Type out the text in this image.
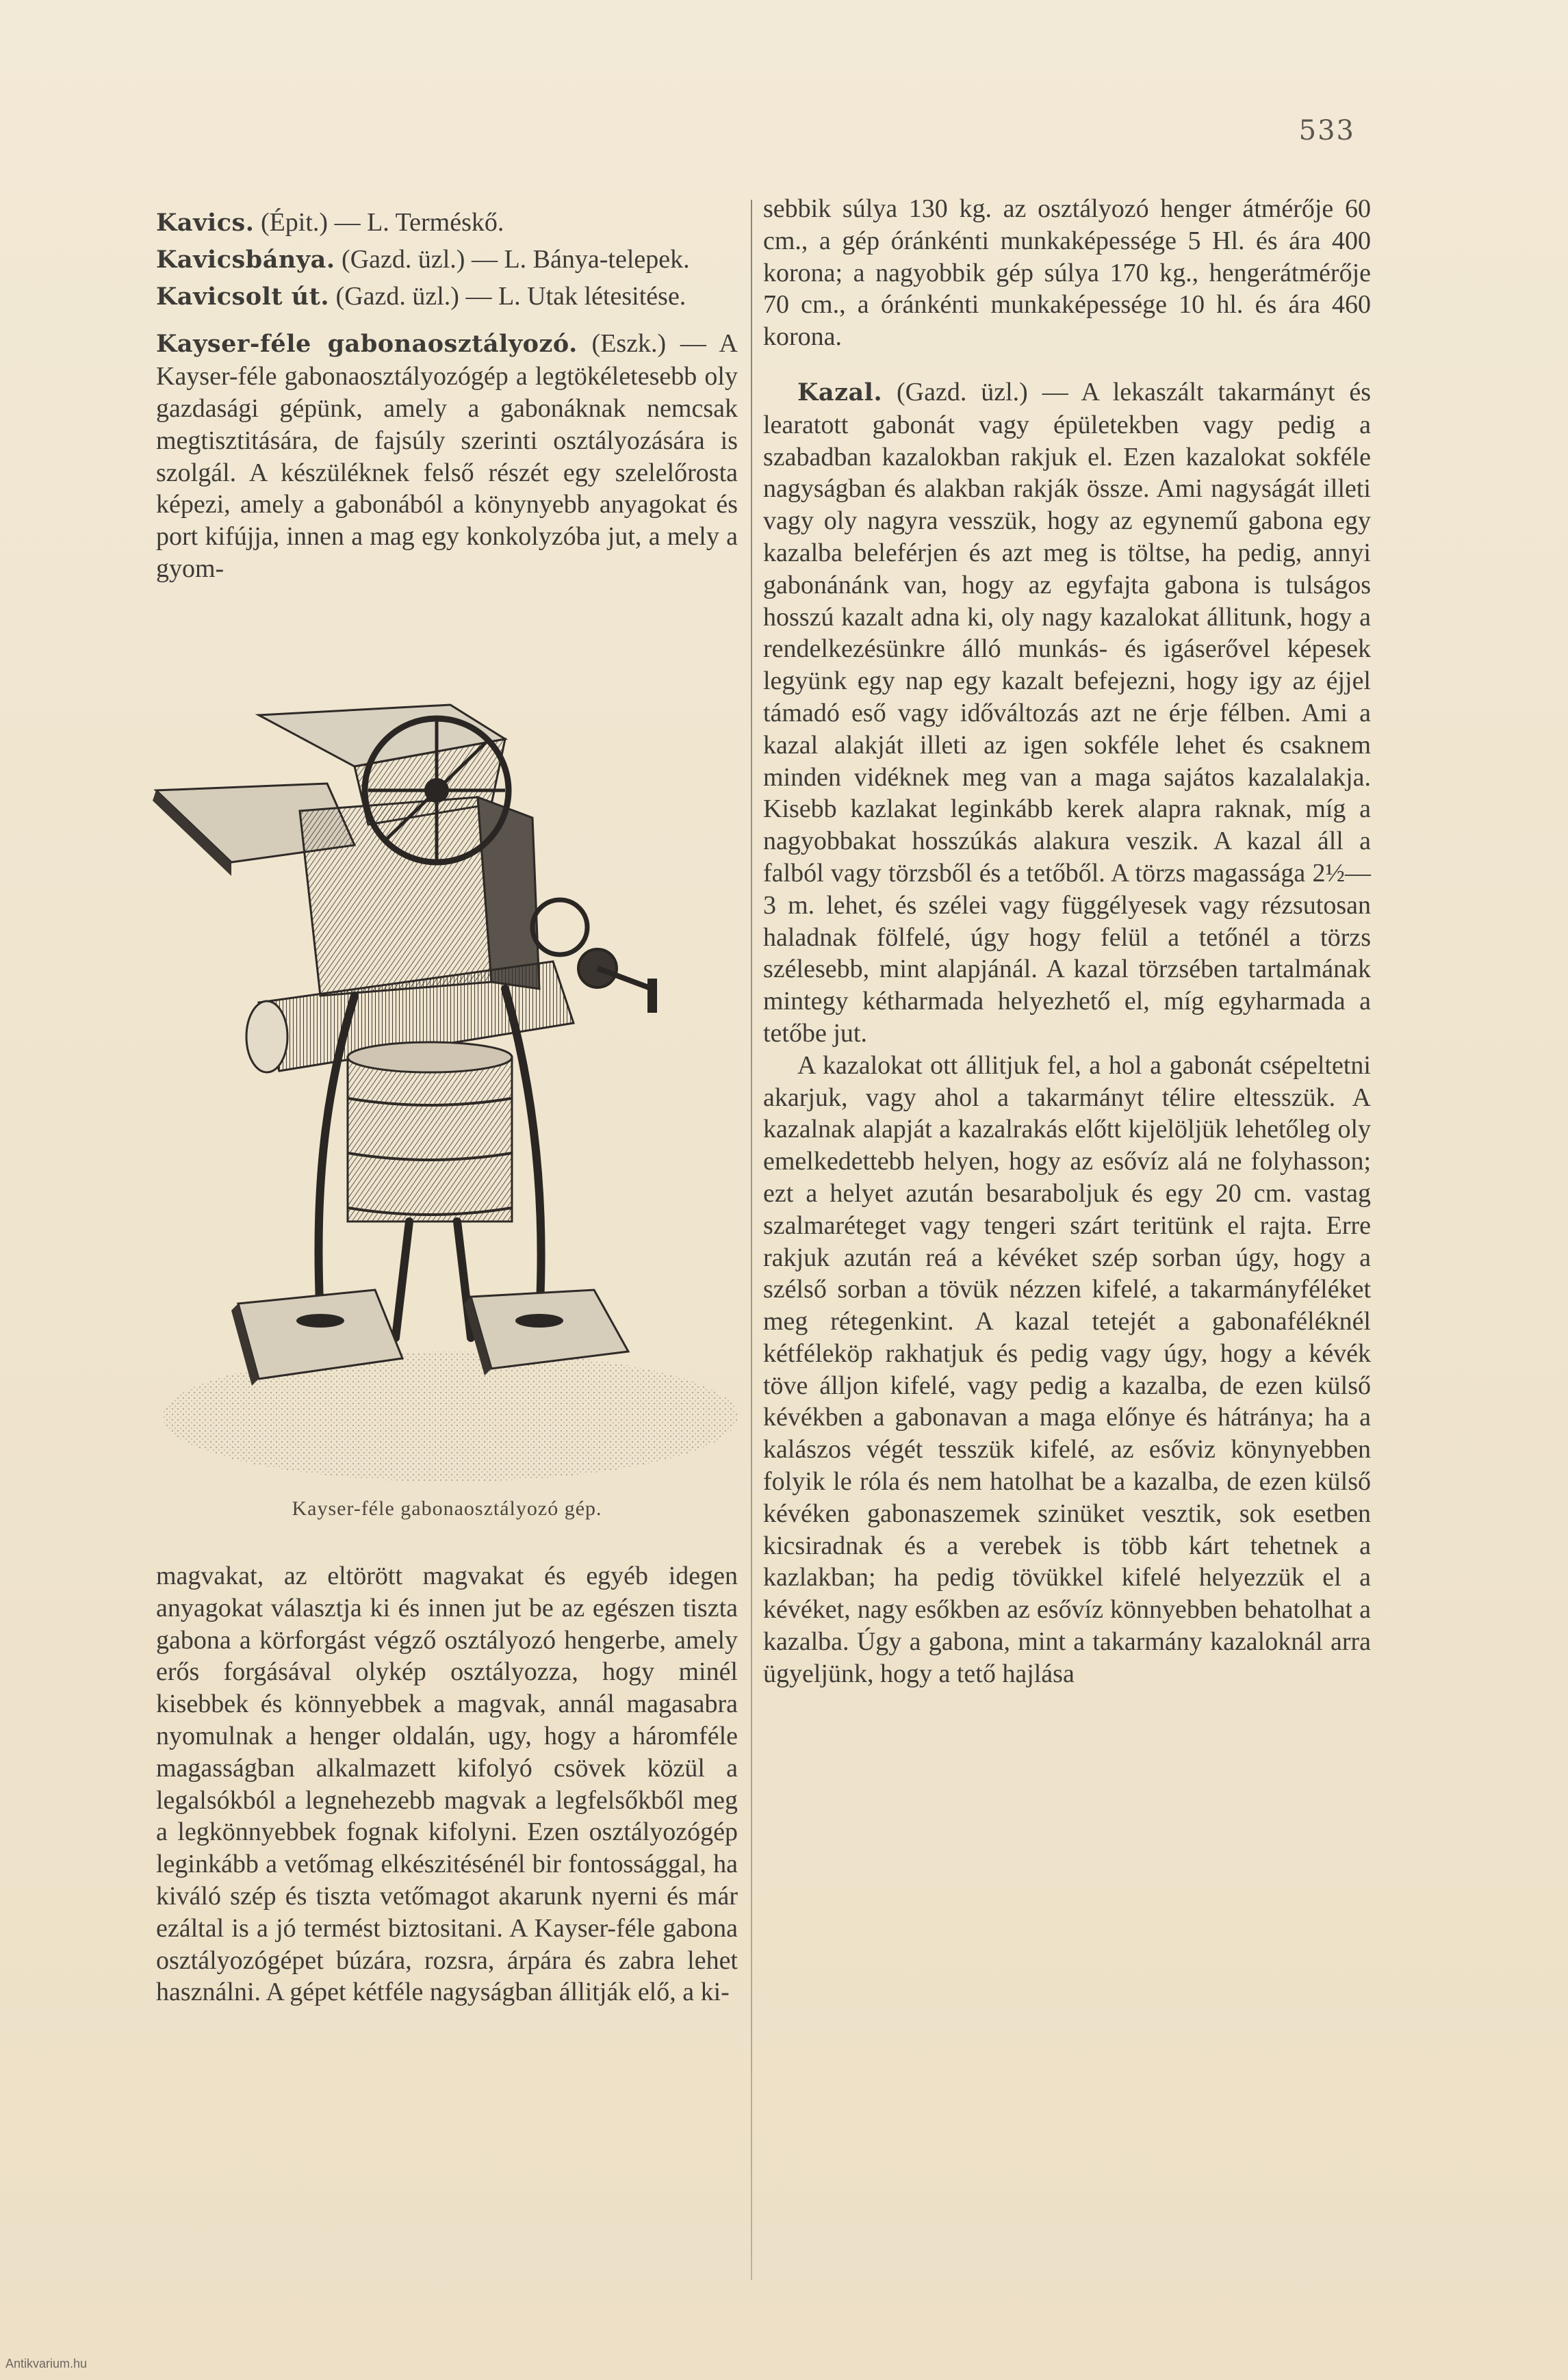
533

Kavics. (Épit.) — L. Terméskő.

Kavicsbánya. (Gazd. üzl.) — L. Bánya-telepek.

Kavicsolt út. (Gazd. üzl.) — L. Utak létesitése.

Kayser-féle gabonaosztályozó. (Eszk.) — A Kayser-féle gabonaosztályozógép a legtökéletesebb oly gazdasági gépünk, amely a gabonáknak nemcsak megtisztitására, de fajsúly szerinti osztályozására is szolgál. A készüléknek felső részét egy szelelőrosta képezi, amely a gabonából a könynyebb anyagokat és port kifújja, innen a mag egy konkolyzóba jut, a mely a gyom-

Kayser-féle gabonaosztályozó gép.

magvakat, az eltörött magvakat és egyéb idegen anyagokat választja ki és innen jut be az egészen tiszta gabona a körforgást végző osztályozó hengerbe, amely erős forgásával olykép osztályozza, hogy minél kisebbek és könnyebbek a magvak, annál magasabra nyomulnak a henger oldalán, ugy, hogy a háromféle magasságban alkalmazett kifolyó csövek közül a legalsókból a legnehezebb magvak a legfelsőkből meg a legkönnyebbek fognak kifolyni. Ezen osztályozógép leginkább a vetőmag elkészitésénél bir fontossággal, ha kiváló szép és tiszta vetőmagot akarunk nyerni és már ezáltal is a jó termést biztositani. A Kayser-féle gabona osztályozógépet búzára, rozsra, árpára és zabra lehet használni. A gépet kétféle nagyságban állitják elő, a ki-

sebbik súlya 130 kg. az osztályozó henger átmérője 60 cm., a gép óránkénti munkaképessége 5 Hl. és ára 400 korona; a nagyobbik gép súlya 170 kg., hengerátmérője 70 cm., a óránkénti munkaképessége 10 hl. és ára 460 korona.

Kazal. (Gazd. üzl.) — A lekaszált takarmányt és learatott gabonát vagy épületekben vagy pedig a szabadban kazalokban rakjuk el. Ezen kazalokat sokféle nagyságban és alakban rakják össze. Ami nagyságát illeti vagy oly nagyra vesszük, hogy az egynemű gabona egy kazalba beleférjen és azt meg is töltse, ha pedig, annyi gabonánánk van, hogy az egyfajta gabona is tulságos hosszú kazalt adna ki, oly nagy kazalokat állitunk, hogy a rendelkezésünkre álló munkás- és igáserővel képesek legyünk egy nap egy kazalt befejezni, hogy igy az éjjel támadó eső vagy időváltozás azt ne érje félben. Ami a kazal alakját illeti az igen sokféle lehet és csaknem minden vidéknek meg van a maga sajátos kazalalakja. Kisebb kazlakat leginkább kerek alapra raknak, míg a nagyobbakat hosszúkás alakura veszik. A kazal áll a falból vagy törzsből és a tetőből. A törzs magassága 2½—3 m. lehet, és szélei vagy függélyesek vagy rézsutosan haladnak fölfelé, úgy hogy felül a tetőnél a törzs szélesebb, mint alapjánál. A kazal törzsében tartalmának mintegy kétharmada helyezhető el, míg egyharmada a tetőbe jut.

A kazalokat ott állitjuk fel, a hol a gabonát csépeltetni akarjuk, vagy ahol a takarmányt télire eltesszük. A kazalnak alapját a kazalrakás előtt kijelöljük lehetőleg oly emelkedettebb helyen, hogy az esővíz alá ne folyhasson; ezt a helyet azután besaraboljuk és egy 20 cm. vastag szalmaréteget vagy tengeri szárt teritünk el rajta. Erre rakjuk azután reá a kévéket szép sorban úgy, hogy a szélső sorban a tövük nézzen kifelé, a takarmányféléket meg rétegenkint. A kazal tetejét a gabonaféléknél kétféleköp rakhatjuk és pedig vagy úgy, hogy a kévék töve álljon kifelé, vagy pedig a kazalba, de ezen külső kévékben a gabonavan a maga előnye és hátránya; ha a kalászos végét tesszük kifelé, az esőviz könynyebben folyik le róla és nem hatolhat be a kazalba, de ezen külső kévéken gabonaszemek szinüket vesztik, sok esetben kicsiradnak és a verebek is több kárt tehetnek a kazlakban; ha pedig tövükkel kifelé helyezzük el a kévéket, nagy esőkben az esővíz könnyebben behatolhat a kazalba. Úgy a gabona, mint a takarmány kazaloknál arra ügyeljünk, hogy a tető hajlása

Antikvarium.hu
